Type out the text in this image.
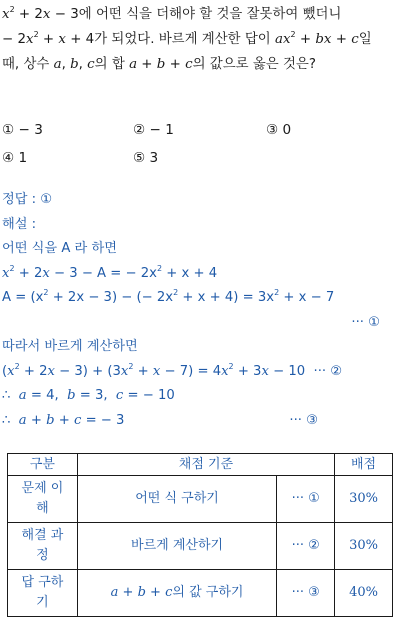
$x^2 + 2x - 3$에 어떤 식을 더해야 할 것을 잘못하여 뺐더니
− $2x^2 + x + 4$가 되었다. 바르게 계산한 답이 $ax^2$ + bx + c일
때, 상수 a, b, c의 합 a + b + c의 값으로 옳은 것은?
① − 3	② − 1	③ 0
④ 1	⑤ 3
정답 : ①
해설 :
어떤 식을 A 라 하면
$x^2 + 2x - 3 - A$ = − $2x^2 + x + 4$
$A = (x^2 + 2x - 3)$ − (− $2x^2 + x + 4) = 3x^2 + x - 7$
··· ①
따라서 바르게 계산하면
$(x^2 + 2x - 3) + (3x^2 + x - 7) = 4x^2 + 3x - 10$  ··· ②
∴  a = 4,  b = 3,  c = − 10
∴  a + b + c = − 3	··· ③
구분	채점 기준		배점
문제 이해	어떤 식 구하기	··· ①	30%
해결 과정	바르게 계산하기	··· ②	30%
답 구하기	a + b + c의 값 구하기	··· ③	40%
